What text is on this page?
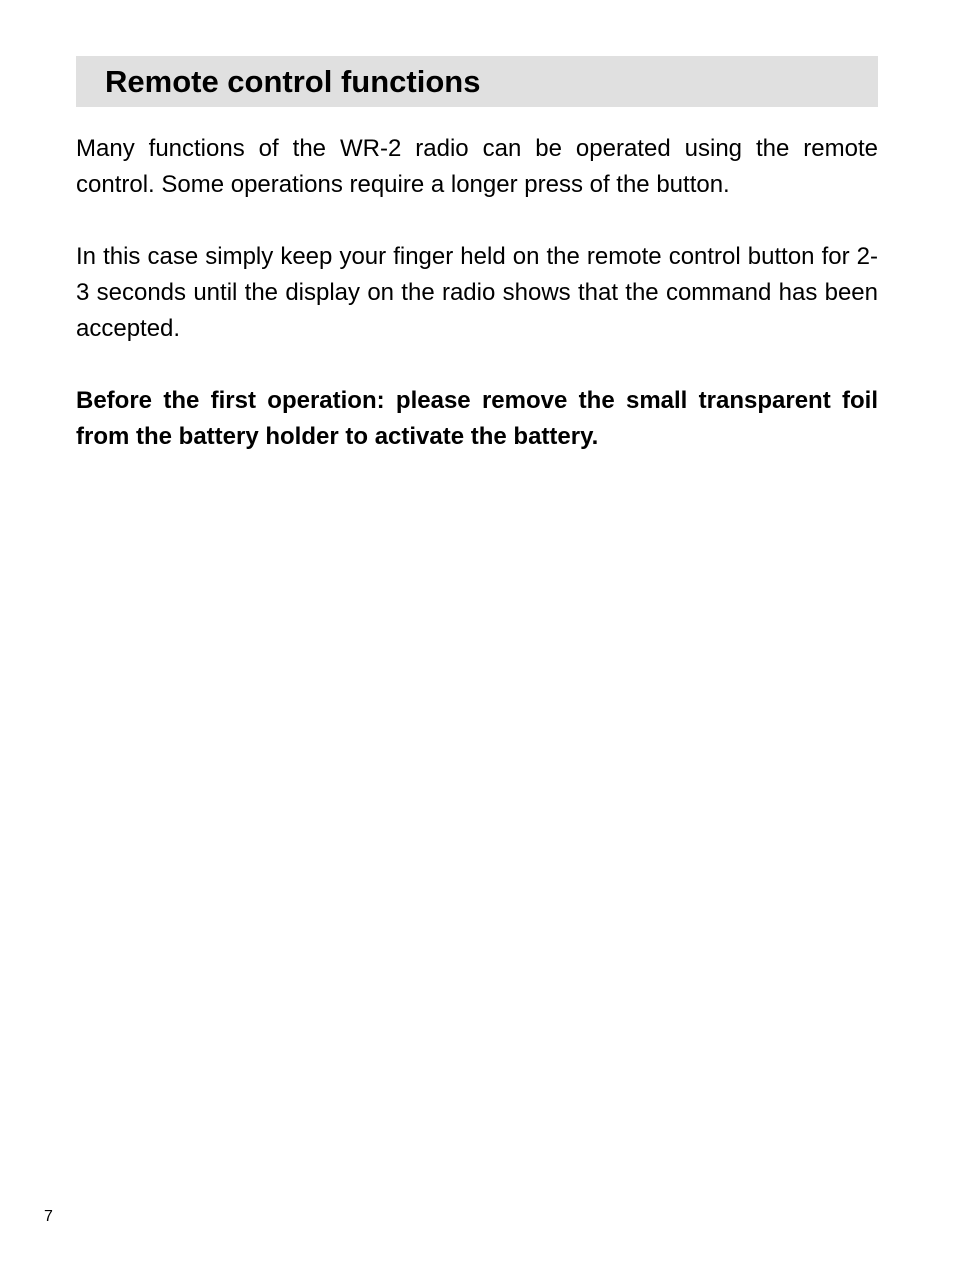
Remote control functions

Many functions of the WR-2 radio can be operated using the remote control. Some operations require a longer press of the button.

In this case simply keep your finger held on the remote control button for 2-3 seconds until the display on the radio shows that the command has been accepted.

Before the first operation: please remove the small transparent foil from the battery holder to activate the battery.

7
